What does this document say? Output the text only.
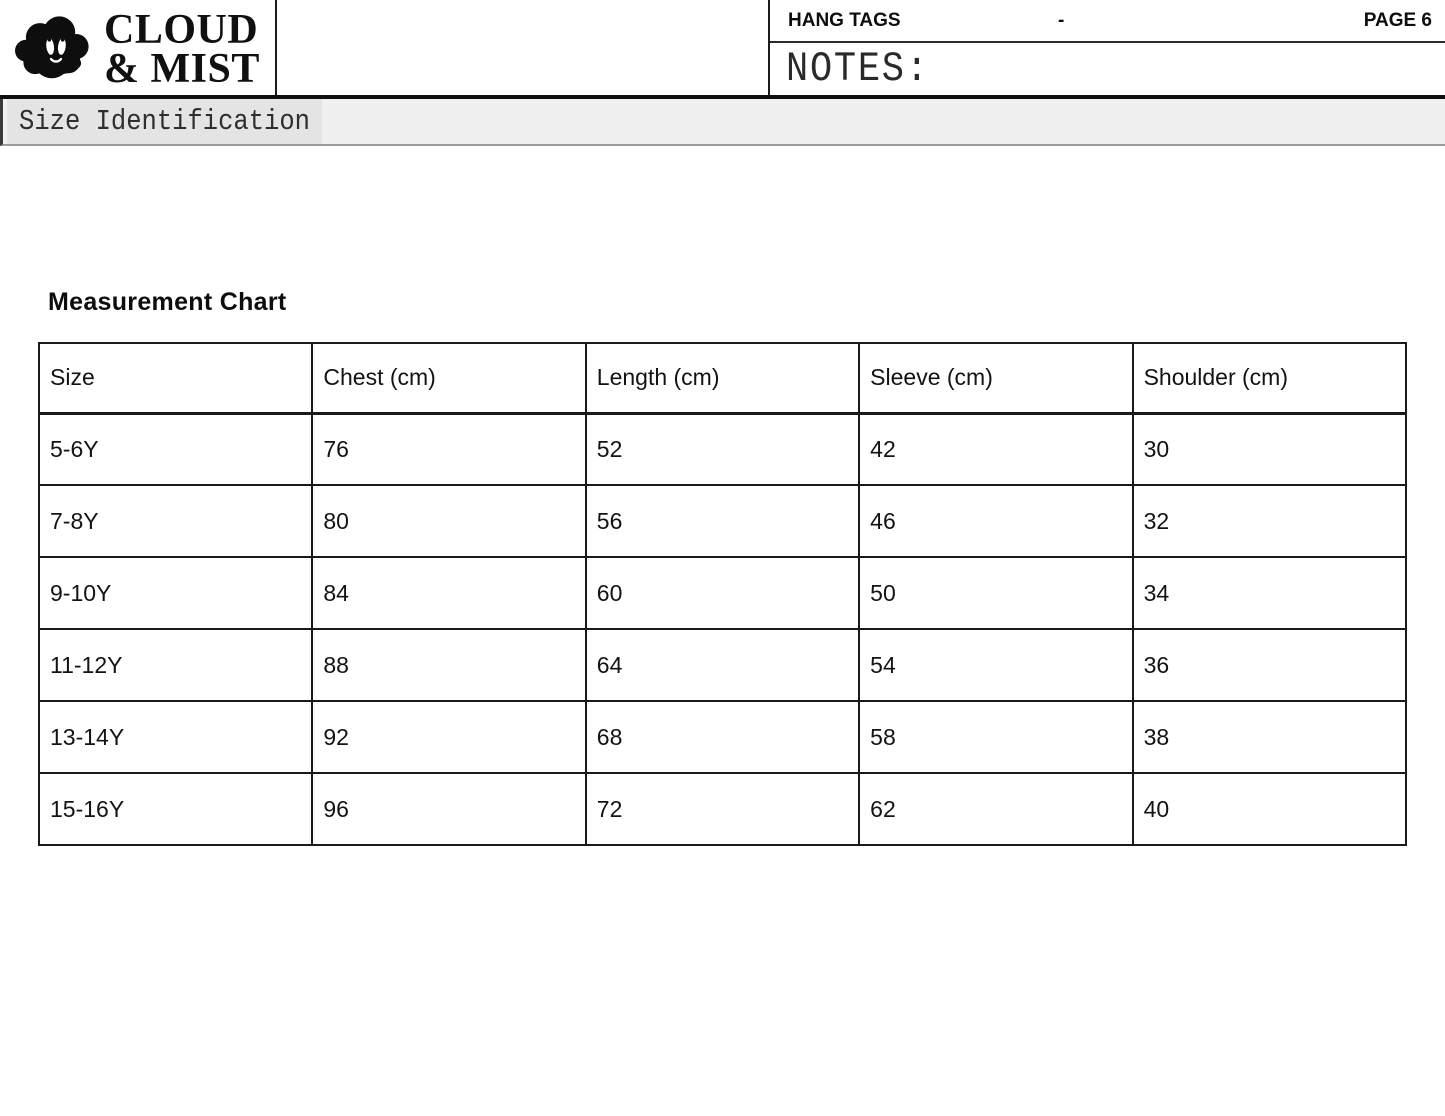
CLOUD
& MIST
HANG TAGS	-	PAGE 6
NOTES:
Size Identification
Measurement Chart
Size	Chest (cm)	Length (cm)	Sleeve (cm)	Shoulder (cm)
5-6Y	76	52	42	30
7-8Y	80	56	46	32
9-10Y	84	60	50	34
11-12Y	88	64	54	36
13-14Y	92	68	58	38
15-16Y	96	72	62	40
